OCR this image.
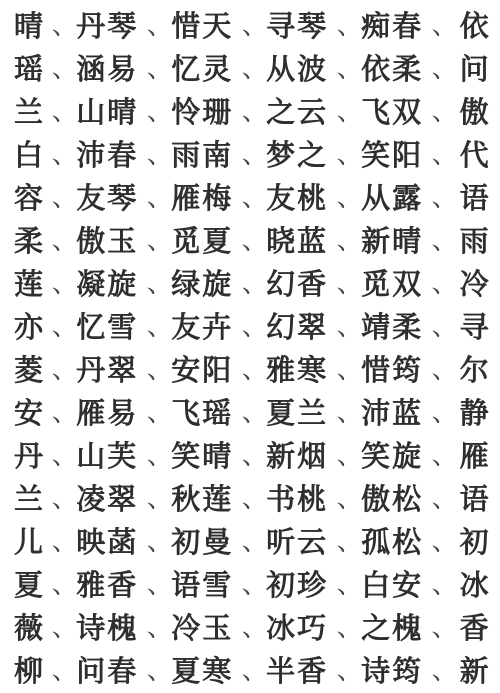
晴 、
丹琴 、
惜天 、
寻琴 、
痴春 、 依
瑶 、
涵易 、
忆灵 、
从波 、
依柔 、 问
兰 、
山晴 、
怜珊 、
之云 、
飞双 、 傲
白 、
沛春 、
雨南 、
梦之 、
笑阳 、 代
容 、
友琴 、
雁梅 、
友桃 、
从露 、 语
柔 、
傲玉 、
觅夏 、
晓蓝 、
新晴 、 雨
莲 、
凝旋 、
绿旋 、
幻香 、
觅双 、 冷
亦 、
忆雪 、
友卉 、
幻翠 、
靖柔 、 寻
菱 、
丹翠 、
安阳 、
雅寒 、
惜筠 、 尔
安 、
雁易 、
飞瑶 、
夏兰 、
沛蓝 、 静
丹 、
山芙 、
笑晴 、
新烟 、
笑旋 、 雁
兰 、
凌翠 、
秋莲 、
书桃 、
傲松 、 语
儿 、
映菡 、
初曼 、
听云 、
孤松 、 初
夏 、
雅香 、
语雪 、
初珍 、
白安 、 冰
薇 、
诗槐 、
冷玉 、
冰巧 、
之槐 、 香
柳 、
问春 、
夏寒 、
半香 、
诗筠 、 新
